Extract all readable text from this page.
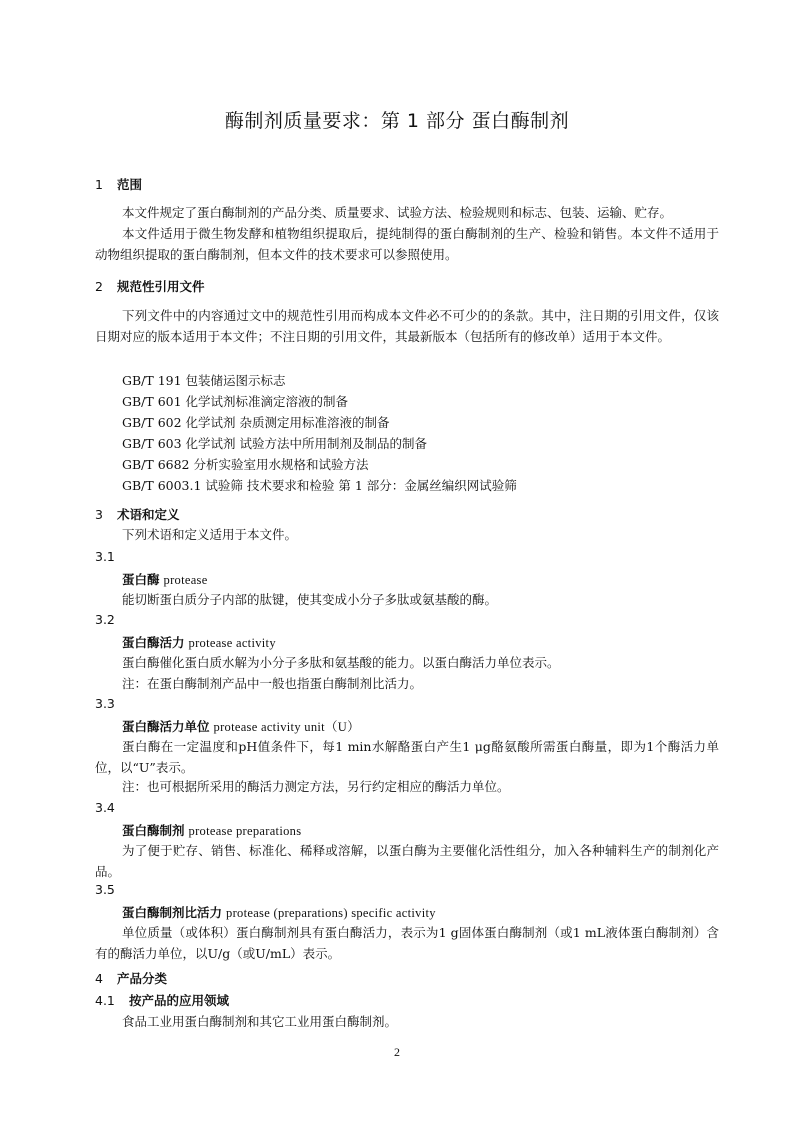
酶制剂质量要求：第 1 部分 蛋白酶制剂
1 范围
本文件规定了蛋白酶制剂的产品分类、质量要求、试验方法、检验规则和标志、包装、运输、贮存。
本文件适用于微生物发酵和植物组织提取后，提纯制得的蛋白酶制剂的生产、检验和销售。本文件不适用于动物组织提取的蛋白酶制剂，但本文件的技术要求可以参照使用。
2 规范性引用文件
下列文件中的内容通过文中的规范性引用而构成本文件必不可少的的条款。其中，注日期的引用文件，仅该日期对应的版本适用于本文件；不注日期的引用文件，其最新版本（包括所有的修改单）适用于本文件。
GB/T 191 包装储运图示标志
GB/T 601 化学试剂标准滴定溶液的制备
GB/T 602 化学试剂 杂质测定用标准溶液的制备
GB/T 603 化学试剂 试验方法中所用制剂及制品的制备
GB/T 6682 分析实验室用水规格和试验方法
GB/T 6003.1 试验筛 技术要求和检验 第 1 部分：金属丝编织网试验筛
3 术语和定义
下列术语和定义适用于本文件。
3.1
蛋白酶 protease
能切断蛋白质分子内部的肽键，使其变成小分子多肽或氨基酸的酶。
3.2
蛋白酶活力 protease activity
蛋白酶催化蛋白质水解为小分子多肽和氨基酸的能力。以蛋白酶活力单位表示。
注：在蛋白酶制剂产品中一般也指蛋白酶制剂比活力。
3.3
蛋白酶活力单位 protease activity unit（U）
蛋白酶在一定温度和pH值条件下，每1 min水解酪蛋白产生1 μg酪氨酸所需蛋白酶量，即为1个酶活力单位，以“U”表示。
注：也可根据所采用的酶活力测定方法，另行约定相应的酶活力单位。
3.4
蛋白酶制剂 protease preparations
为了便于贮存、销售、标准化、稀释或溶解，以蛋白酶为主要催化活性组分，加入各种辅料生产的制剂化产品。
3.5
蛋白酶制剂比活力 protease (preparations) specific activity
单位质量（或体积）蛋白酶制剂具有蛋白酶活力，表示为1 g固体蛋白酶制剂（或1 mL液体蛋白酶制剂）含有的酶活力单位，以U/g（或U/mL）表示。
4 产品分类
4.1 按产品的应用领域
食品工业用蛋白酶制剂和其它工业用蛋白酶制剂。
2
